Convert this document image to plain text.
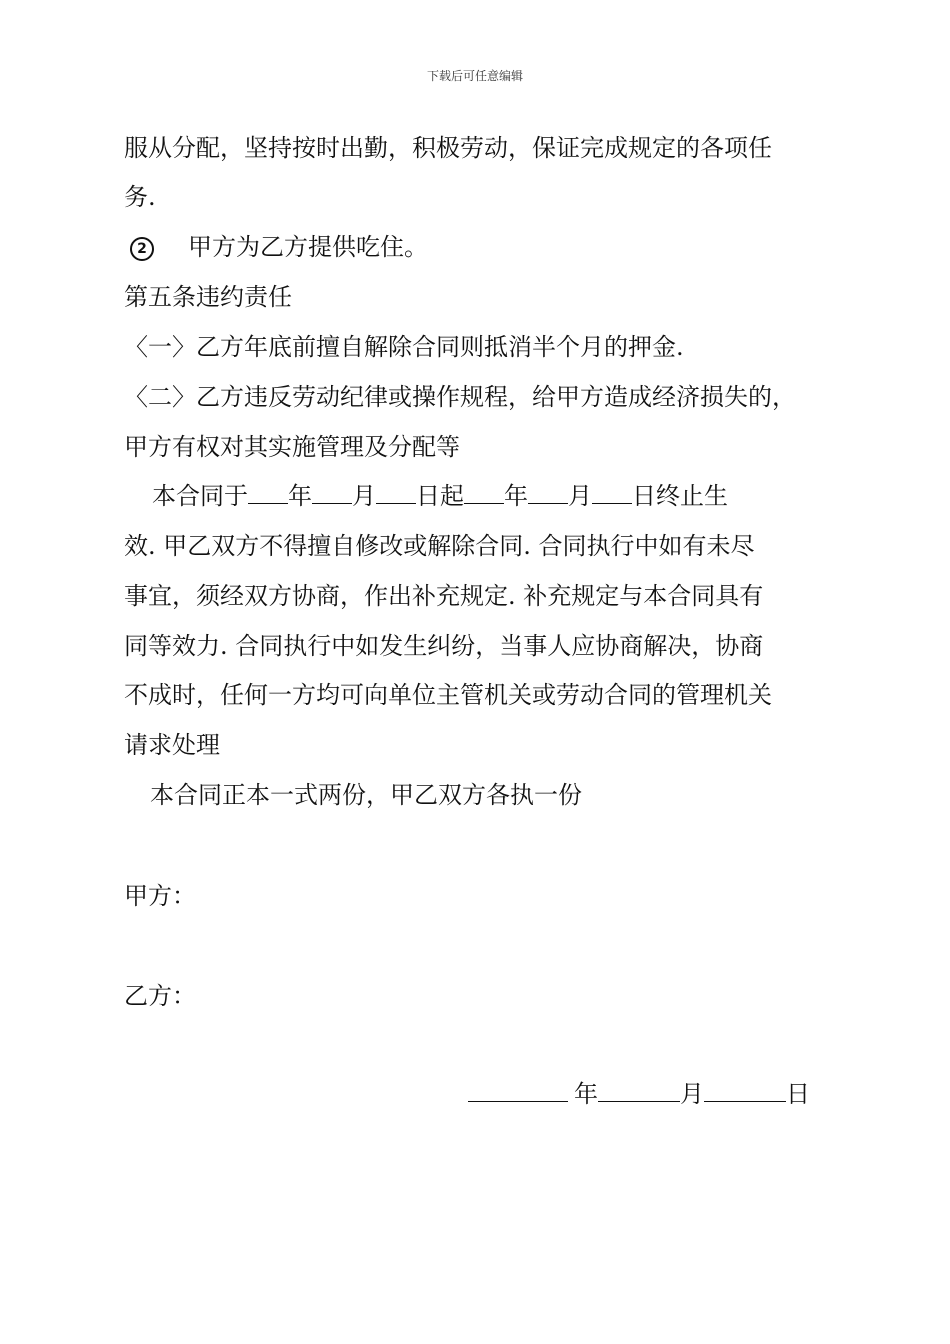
下载后可任意编辑
服从分配，坚持按时出勤，积极劳动，保证完成规定的各项任
务.
2 甲方为乙方提供吃住。
第五条违约责任
〈一〉乙方年底前擅自解除合同则抵消半个月的押金.
〈二〉乙方违反劳动纪律或操作规程，给甲方造成经济损失的，
甲方有权对其实施管理及分配等
本合同于 年 月 日起 年 月 日终止生
效. 甲乙双方不得擅自修改或解除合同. 合同执行中如有未尽
事宜，须经双方协商，作出补充规定. 补充规定与本合同具有
同等效力. 合同执行中如发生纠纷，当事人应协商解决，协商
不成时，任何一方均可向单位主管机关或劳动合同的管理机关
请求处理
本合同正本一式两份，甲乙双方各执一份
甲方：
乙方：
年	月	日
